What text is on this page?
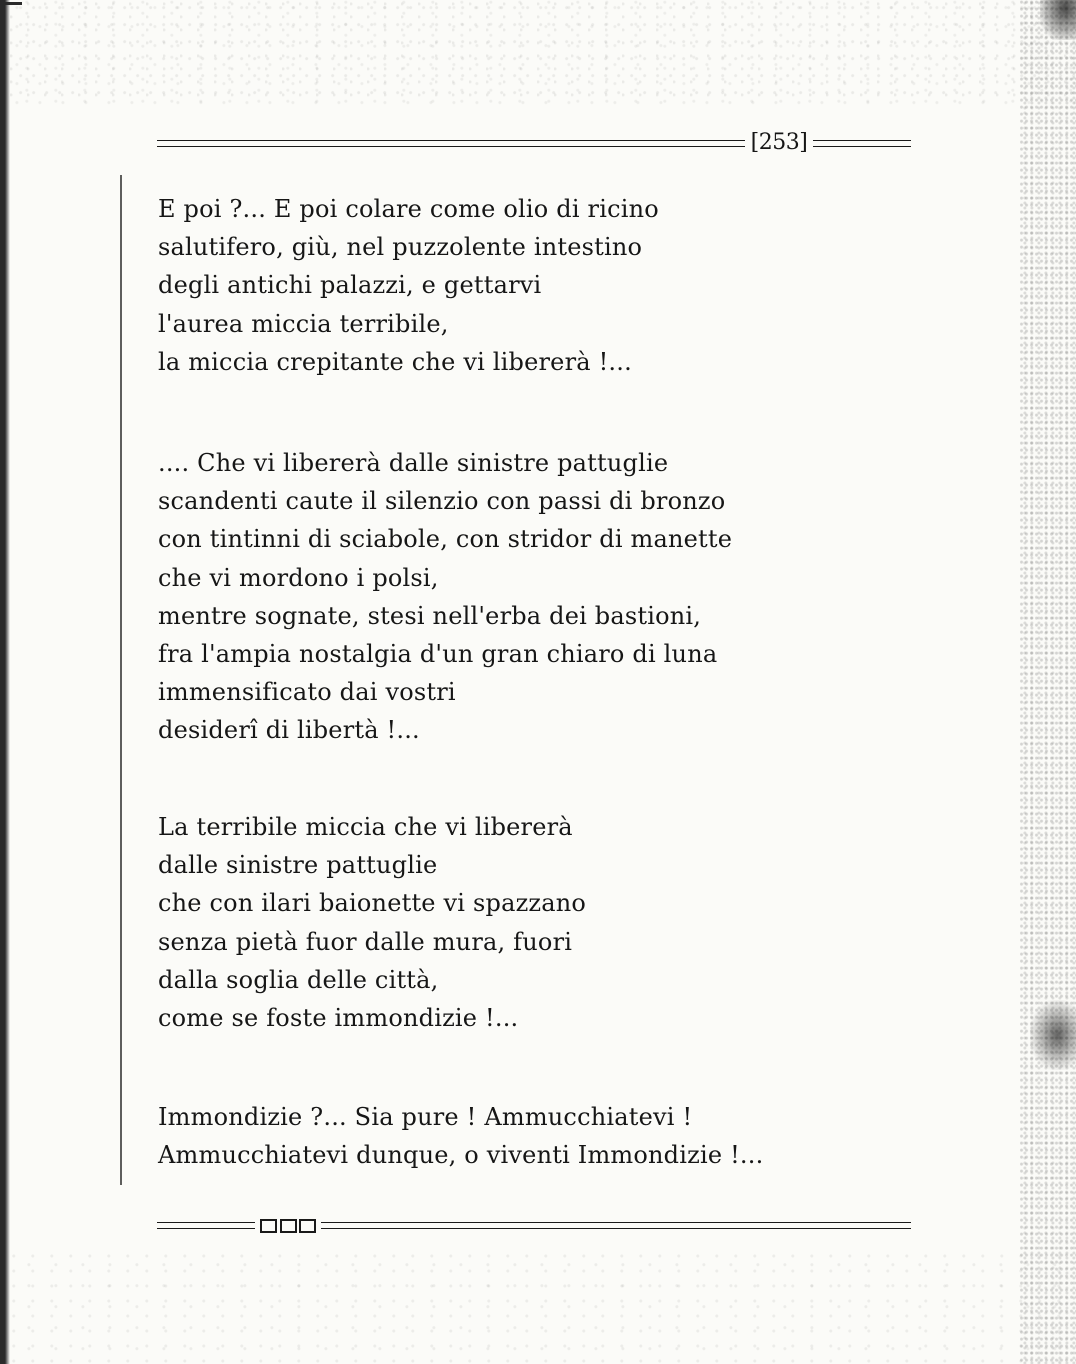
[253]
E poi ?... E poi colare come olio di ricino
salutifero, giù, nel puzzolente intestino
degli antichi palazzi, e gettarvi
l'aurea miccia terribile,
la miccia crepitante che vi libererà !...
.... Che vi libererà dalle sinistre pattuglie
scandenti caute il silenzio con passi di bronzo
con tintinni di sciabole, con stridor di manette
che vi mordono i polsi,
mentre sognate, stesi nell'erba dei bastioni,
fra l'ampia nostalgia d'un gran chiaro di luna
immensificato dai vostri
desiderî di libertà !...
La terribile miccia che vi libererà
dalle sinistre pattuglie
che con ilari baionette vi spazzano
senza pietà fuor dalle mura, fuori
dalla soglia delle città,
come se foste immondizie !...
Immondizie ?... Sia pure ! Ammucchiatevi !
Ammucchiatevi dunque, o viventi Immondizie !...
